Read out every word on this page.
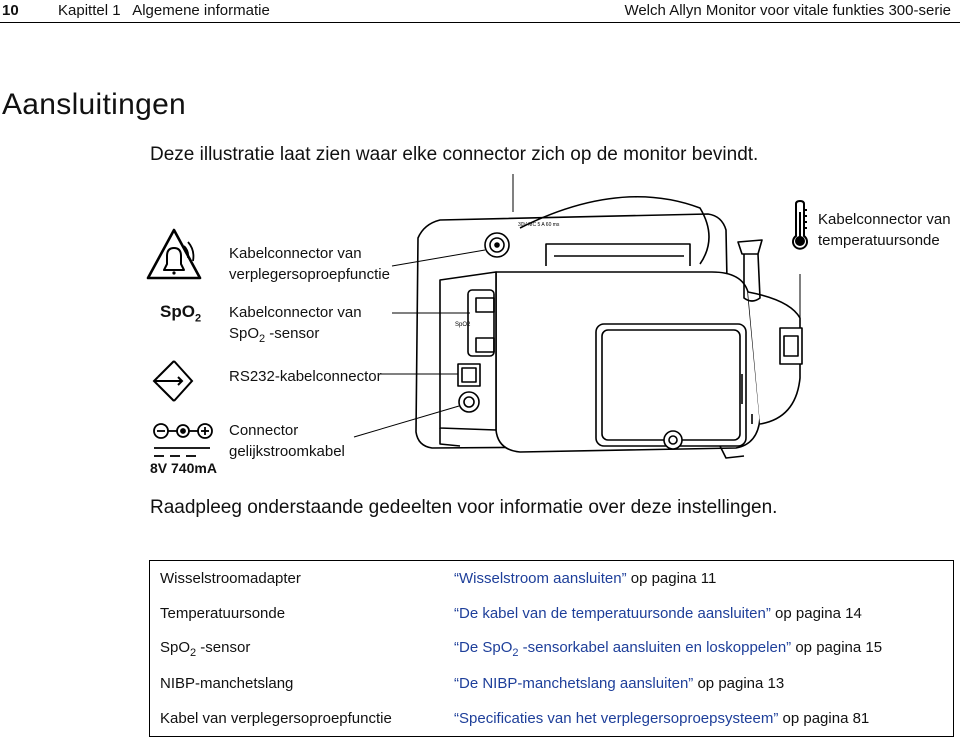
10	Kapittel 1   Algemene informatie	Welch Allyn Monitor voor vitale funkties 300-serie
Aansluitingen
Deze illustratie laat zien waar elke connector zich op de monitor bevindt.
30V MC 5 A 60 ms
SpO2
SpO$_2$
8V 740mA
Kabelconnector van
verplegersoproepfunctie
Kabelconnector van
SpO$_2$ -sensor
RS232-kabelconnector
Connector
gelijkstroomkabel
Kabelconnector van
temperatuursonde
Raadpleeg onderstaande gedeelten voor informatie over deze instellingen.
Wisselstroomadapter	“Wisselstroom aansluiten” op pagina 11
Temperatuursonde	“De kabel van de temperatuursonde aansluiten” op pagina 14
SpO$_2$ -sensor	“De SpO$_2$ -sensorkabel aansluiten en loskoppelen” op pagina 15
NIBP-manchetslang	“De NIBP-manchetslang aansluiten” op pagina 13
Kabel van verplegersoproepfunctie	“Specificaties van het verplegersoproepsysteem” op pagina 81
